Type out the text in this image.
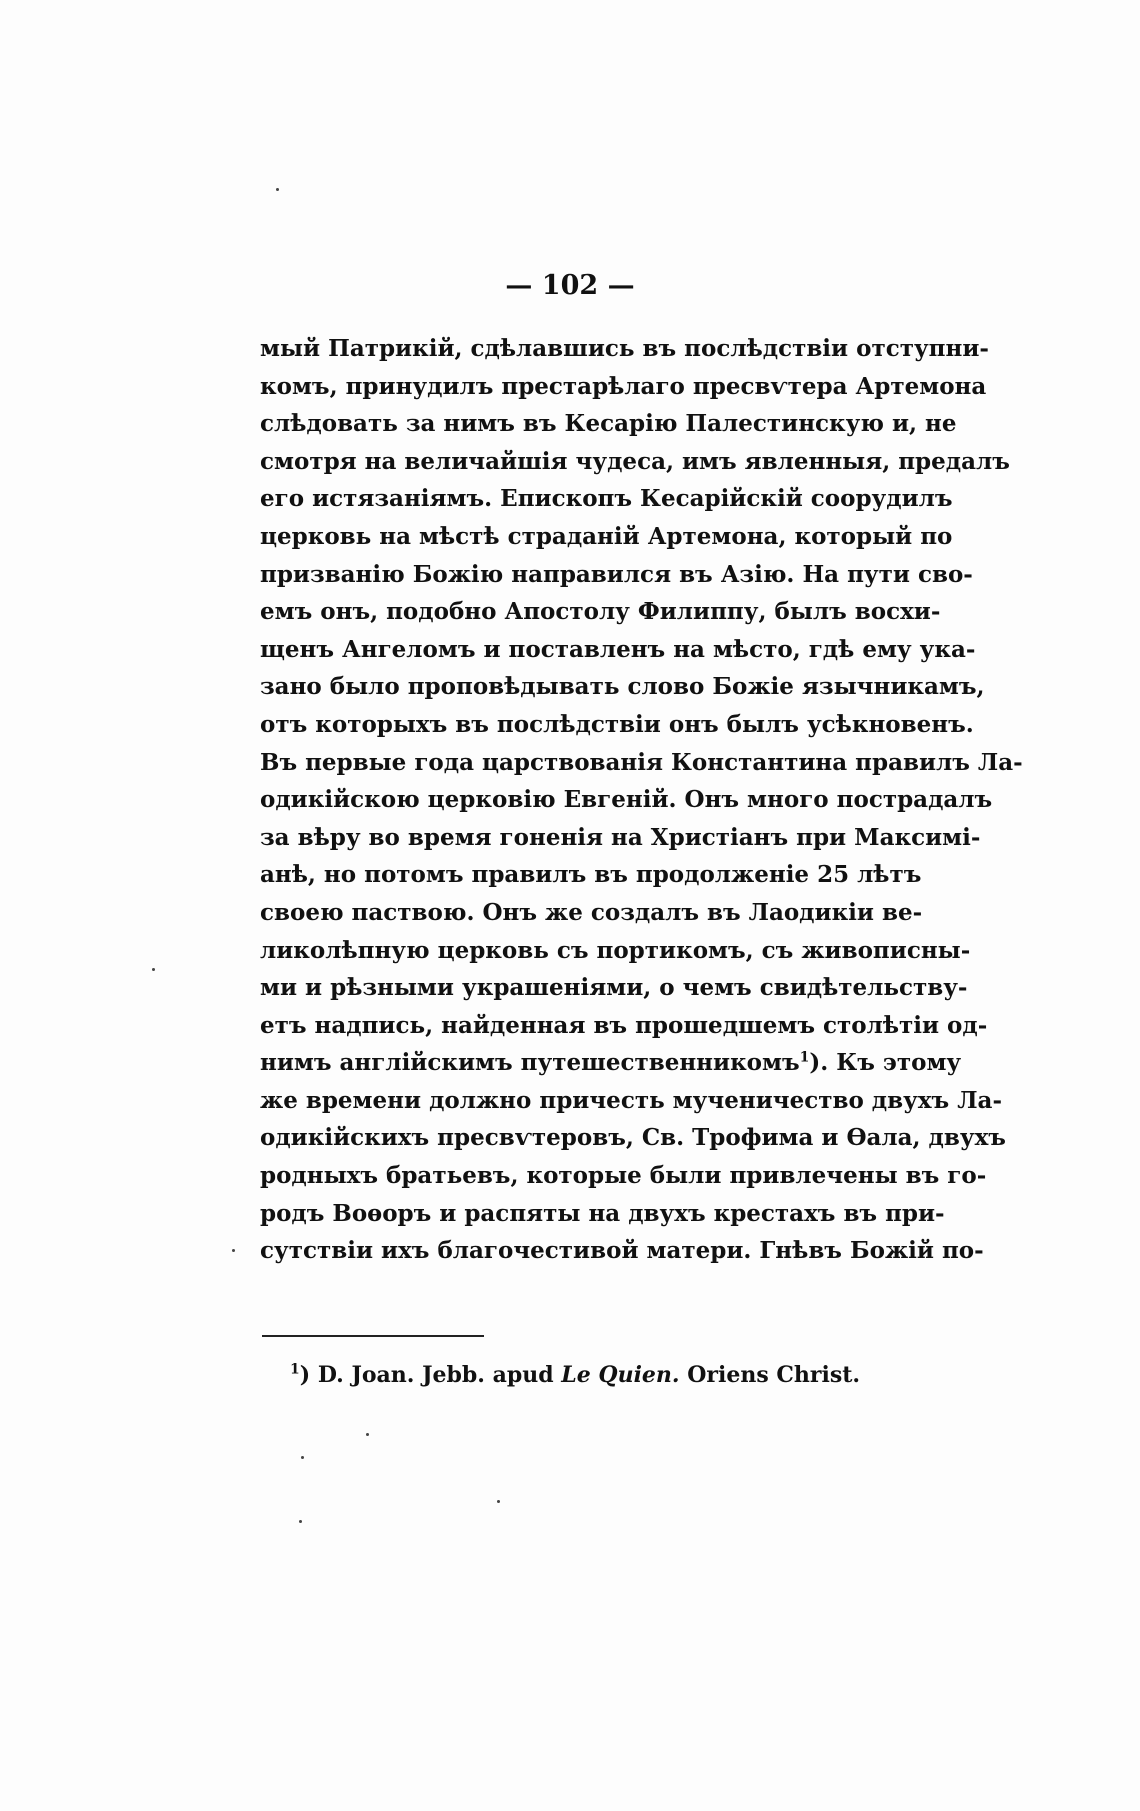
— 102 —
мый Патрикій, сдѣлавшись въ послѣдствіи отступни-
комъ, принудилъ престарѣлаго пресвѵтера Артемона
слѣдовать за нимъ въ Кесарію Палестинскую и, не
смотря на величайшія чудеса, имъ явленныя, предалъ
его истязаніямъ. Епископъ Кесарійскій соорудилъ
церковь на мѣстѣ страданій Артемона, который по
призванію Божію направился въ Азію. На пути сво-
емъ онъ, подобно Апостолу Филиппу, былъ восхи-
щенъ Ангеломъ и поставленъ на мѣсто, гдѣ ему ука-
зано было проповѣдывать слово Божіе язычникамъ,
отъ которыхъ въ послѣдствіи онъ былъ усѣкновенъ.
Въ первые года царствованія Константина правилъ Ла-
одикійскою церковію Евгеній. Онъ много пострадалъ
за вѣру во время гоненія на Христіанъ при Максимі-
анѣ, но потомъ правилъ въ продолженіе 25 лѣтъ
своею паствою. Онъ же создалъ въ Лаодикіи ве-
ликолѣпную церковь съ портикомъ, съ живописны-
ми и рѣзными украшеніями, о чемъ свидѣтельству-
етъ надпись, найденная въ прошедшемъ столѣтіи од-
нимъ англійскимъ путешественникомъ$^1$). Къ этому
же времени должно причесть мученичество двухъ Ла-
одикійскихъ пресвѵтеровъ, Св. Трофима и Ѳала, двухъ
родныхъ братьевъ, которые были привлечены въ го-
родъ Воѳоръ и распяты на двухъ крестахъ въ при-
сутствіи ихъ благочестивой матери. Гнѣвъ Божій по-
$^1$) D. Joan. Jebb. apud Le Quien. Oriens Christ.
